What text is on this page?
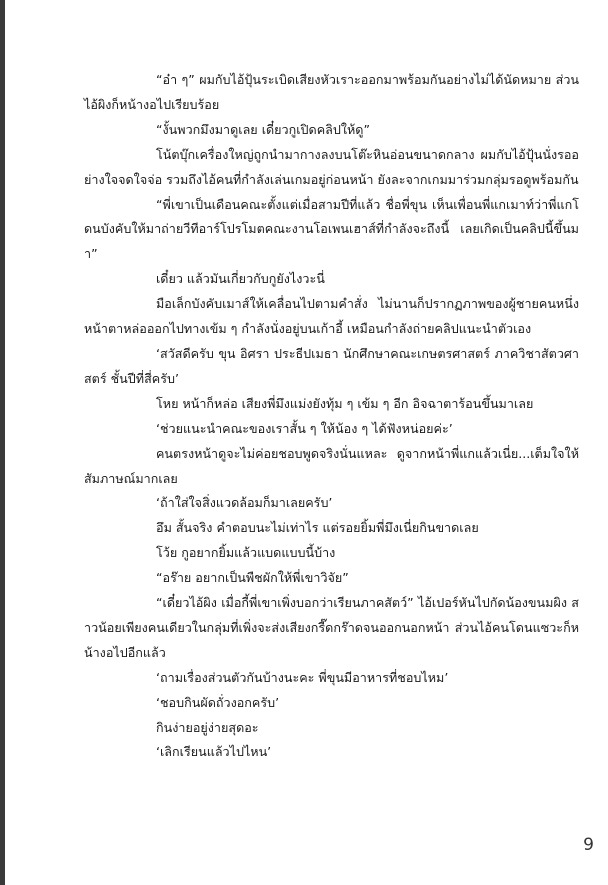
“อ๋า ๆ” ผมกับไอ้ปุ้นระเบิดเสียงหัวเราะออกมาพร้อมกันอย่างไม่ได้นัดหมาย ส่วนไอ้ผิงก็หน้างอไปเรียบร้อย

“งั้นพวกมึงมาดูเลย เดี๋ยวกูเปิดคลิปให้ดู”

โน้ตบุ๊กเครื่องใหญ่ถูกนำมากางลงบนโต๊ะหินอ่อนขนาดกลาง ผมกับไอ้ปุ้นนั่งรออย่างใจจดใจจ่อ รวมถึงไอ้คนที่กำลังเล่นเกมอยู่ก่อนหน้า ยังละจากเกมมาร่วมกลุ่มรอดูพร้อมกัน

“พี่เขาเป็นเดือนคณะตั้งแต่เมื่อสามปีที่แล้ว ชื่อพี่ขุน เห็นเพื่อนพี่แกเมาท์ว่าพี่แกโดนบังคับให้มาถ่ายวีทีอาร์โปรโมตคณะงานโอเพนเฮาส์ที่กำลังจะถึงนี้ เลยเกิดเป็นคลิปนี้ขึ้นมา”

เดี๋ยว แล้วมันเกี่ยวกับกูยังไงวะนี่

มือเล็กบังคับเมาส์ให้เคลื่อนไปตามคำสั่ง ไม่นานก็ปรากฏภาพของผู้ชายคนหนึ่ง หน้าตาหล่อออกไปทางเข้ม ๆ กำลังนั่งอยู่บนเก้าอี้ เหมือนกำลังถ่ายคลิปแนะนำตัวเอง

‘สวัสดีครับ ขุน อิศรา ประธีปเมธา นักศึกษาคณะเกษตรศาสตร์ ภาควิชาสัตวศาสตร์ ชั้นปีที่สี่ครับ’

โหย หน้าก็หล่อ เสียงพี่มึงแม่งยังทุ้ม ๆ เข้ม ๆ อีก อิจฉาตาร้อนขึ้นมาเลย

‘ช่วยแนะนำคณะของเราสั้น ๆ ให้น้อง ๆ ได้ฟังหน่อยค่ะ’

คนตรงหน้าดูจะไม่ค่อยชอบพูดจริงนั่นแหละ ดูจากหน้าพี่แกแล้วเนี่ย...เต็มใจให้สัมภาษณ์มากเลย

‘ถ้าใส่ใจสิ่งแวดล้อมก็มาเลยครับ’

อึม สั้นจริง คำตอบนะไม่เท่าไร แต่รอยยิ้มพี่มึงเนี่ยกินขาดเลย

โว้ย กูอยากยิ้มแล้วแบดแบบนี้บ้าง

“อร๊าย อยากเป็นพืชผักให้พี่เขาวิจัย”

“เดี๋ยวไอ้ผิง เมื่อกี้พี่เขาเพิ่งบอกว่าเรียนภาคสัตว์” ไอ้เปอร์หันไปกัดน้องขนมผิง สาวน้อยเพียงคนเดียวในกลุ่มที่เพิ่งจะส่งเสียงกรี๊ดกร๊าดจนออกนอกหน้า ส่วนไอ้คนโดนแซวะก็หน้างอไปอีกแล้ว

‘ถามเรื่องส่วนตัวกันบ้างนะคะ พี่ขุนมีอาหารที่ชอบไหม’

‘ชอบกินผัดถั่วงอกครับ’

กินง่ายอยู่ง่ายสุดอะ

‘เลิกเรียนแล้วไปไหน’

9
